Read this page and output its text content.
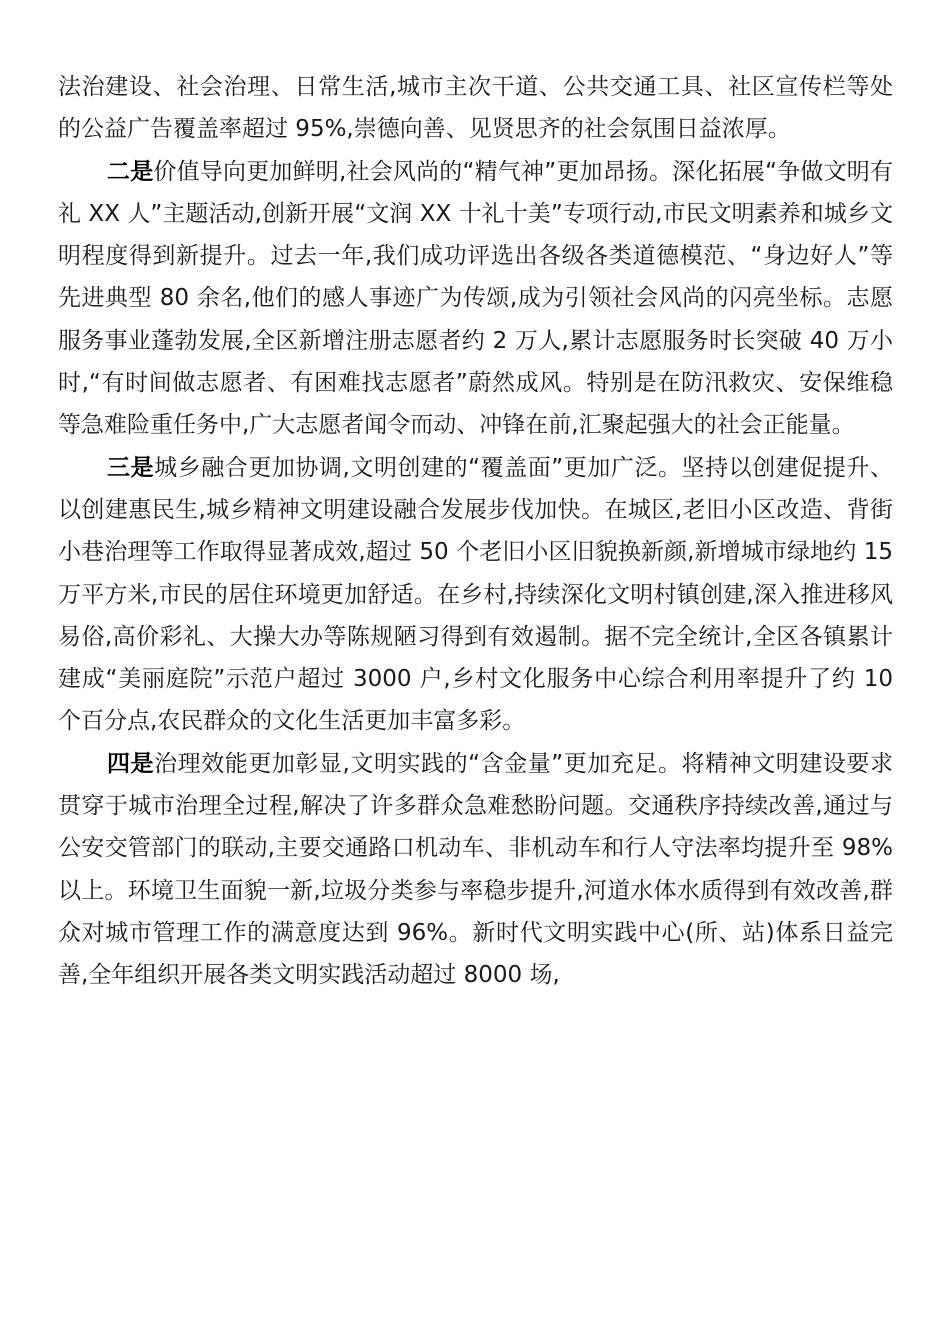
法治建设、社会治理、日常生活,城市主次干道、公共交通工具、社区宣传栏等处的公益广告覆盖率超过 95%,崇德向善、见贤思齐的社会氛围日益浓厚。

二是价值导向更加鲜明,社会风尚的“精气神”更加昂扬。深化拓展“争做文明有礼 XX 人”主题活动,创新开展“文润 XX 十礼十美”专项行动,市民文明素养和城乡文明程度得到新提升。过去一年,我们成功评选出各级各类道德模范、“身边好人”等先进典型 80 余名,他们的感人事迹广为传颂,成为引领社会风尚的闪亮坐标。志愿服务事业蓬勃发展,全区新增注册志愿者约 2 万人,累计志愿服务时长突破 40 万小时,“有时间做志愿者、有困难找志愿者”蔚然成风。特别是在防汛救灾、安保维稳等急难险重任务中,广大志愿者闻令而动、冲锋在前,汇聚起强大的社会正能量。

三是城乡融合更加协调,文明创建的“覆盖面”更加广泛。坚持以创建促提升、以创建惠民生,城乡精神文明建设融合发展步伐加快。在城区,老旧小区改造、背街小巷治理等工作取得显著成效,超过 50 个老旧小区旧貌换新颜,新增城市绿地约 15 万平方米,市民的居住环境更加舒适。在乡村,持续深化文明村镇创建,深入推进移风易俗,高价彩礼、大操大办等陈规陋习得到有效遏制。据不完全统计,全区各镇累计建成“美丽庭院”示范户超过 3000 户,乡村文化服务中心综合利用率提升了约 10 个百分点,农民群众的文化生活更加丰富多彩。

四是治理效能更加彰显,文明实践的“含金量”更加充足。将精神文明建设要求贯穿于城市治理全过程,解决了许多群众急难愁盼问题。交通秩序持续改善,通过与公安交管部门的联动,主要交通路口机动车、非机动车和行人守法率均提升至 98%以上。环境卫生面貌一新,垃圾分类参与率稳步提升,河道水体水质得到有效改善,群众对城市管理工作的满意度达到 96%。新时代文明实践中心(所、站)体系日益完善,全年组织开展各类文明实践活动超过 8000 场,
